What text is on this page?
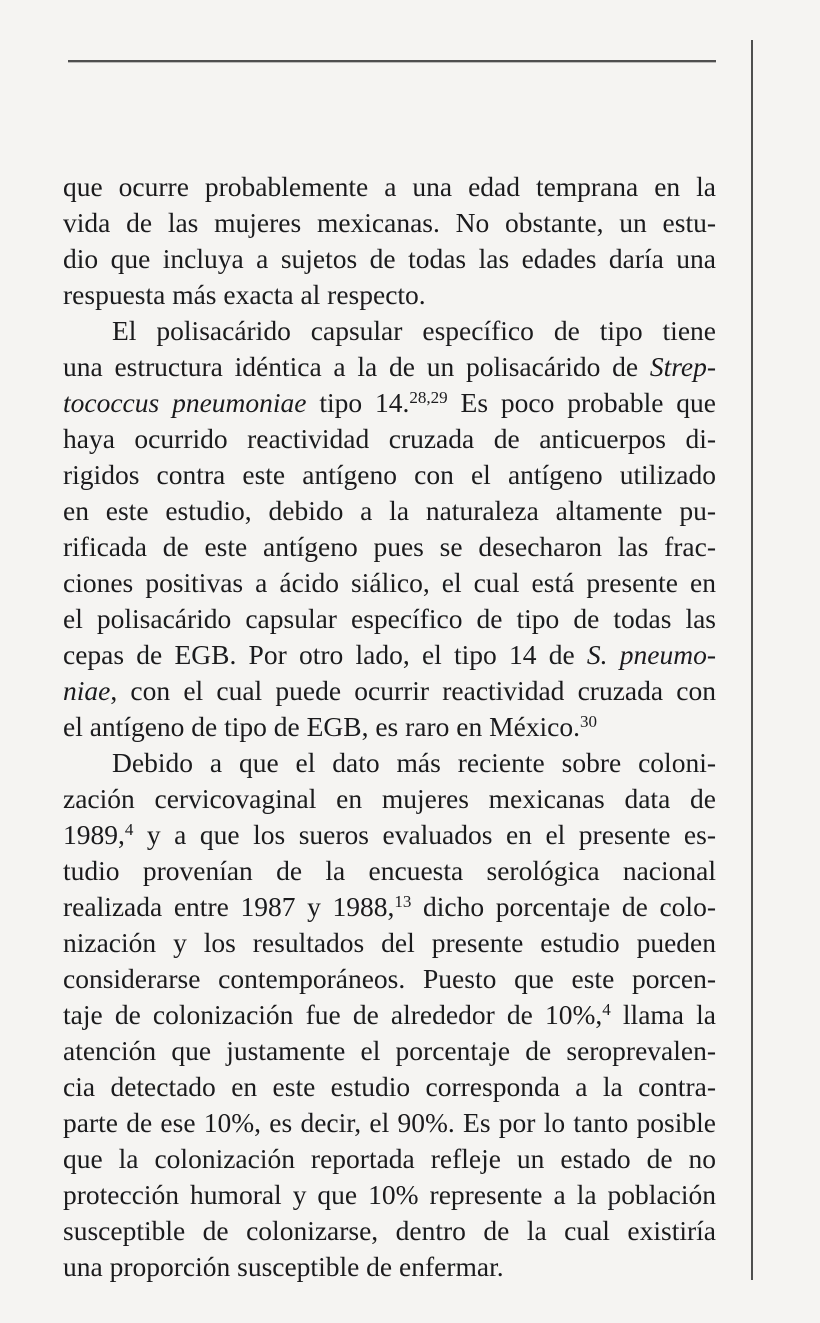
que ocurre probablemente a una edad temprana en la
vida de las mujeres mexicanas. No obstante, un estu-
dio que incluya a sujetos de todas las edades daría una
respuesta más exacta al respecto.
El polisacárido capsular específico de tipo tiene
una estructura idéntica a la de un polisacárido de Strep-
tococcus pneumoniae tipo 14.$^{28,29}$ Es poco probable que
haya ocurrido reactividad cruzada de anticuerpos di-
rigidos contra este antígeno con el antígeno utilizado
en este estudio, debido a la naturaleza altamente pu-
rificada de este antígeno pues se desecharon las frac-
ciones positivas a ácido siálico, el cual está presente en
el polisacárido capsular específico de tipo de todas las
cepas de EGB. Por otro lado, el tipo 14 de S. pneumo-
niae, con el cual puede ocurrir reactividad cruzada con
el antígeno de tipo de EGB, es raro en México.$^{30}$
Debido a que el dato más reciente sobre coloni-
zación cervicovaginal en mujeres mexicanas data de
1989,$^4$ y a que los sueros evaluados en el presente es-
tudio provenían de la encuesta serológica nacional
realizada entre 1987 y 1988,13 dicho porcentaje de colo-
nización y los resultados del presente estudio pueden
considerarse contemporáneos. Puesto que este porcen-
taje de colonización fue de alrededor de 10%,$^4$ llama la
atención que justamente el porcentaje de seroprevalen-
cia detectado en este estudio corresponda a la contra-
parte de ese 10%, es decir, el 90%. Es por lo tanto posible
que la colonización reportada refleje un estado de no
protección humoral y que 10% represente a la población
susceptible de colonizarse, dentro de la cual existiría
una proporción susceptible de enfermar.
